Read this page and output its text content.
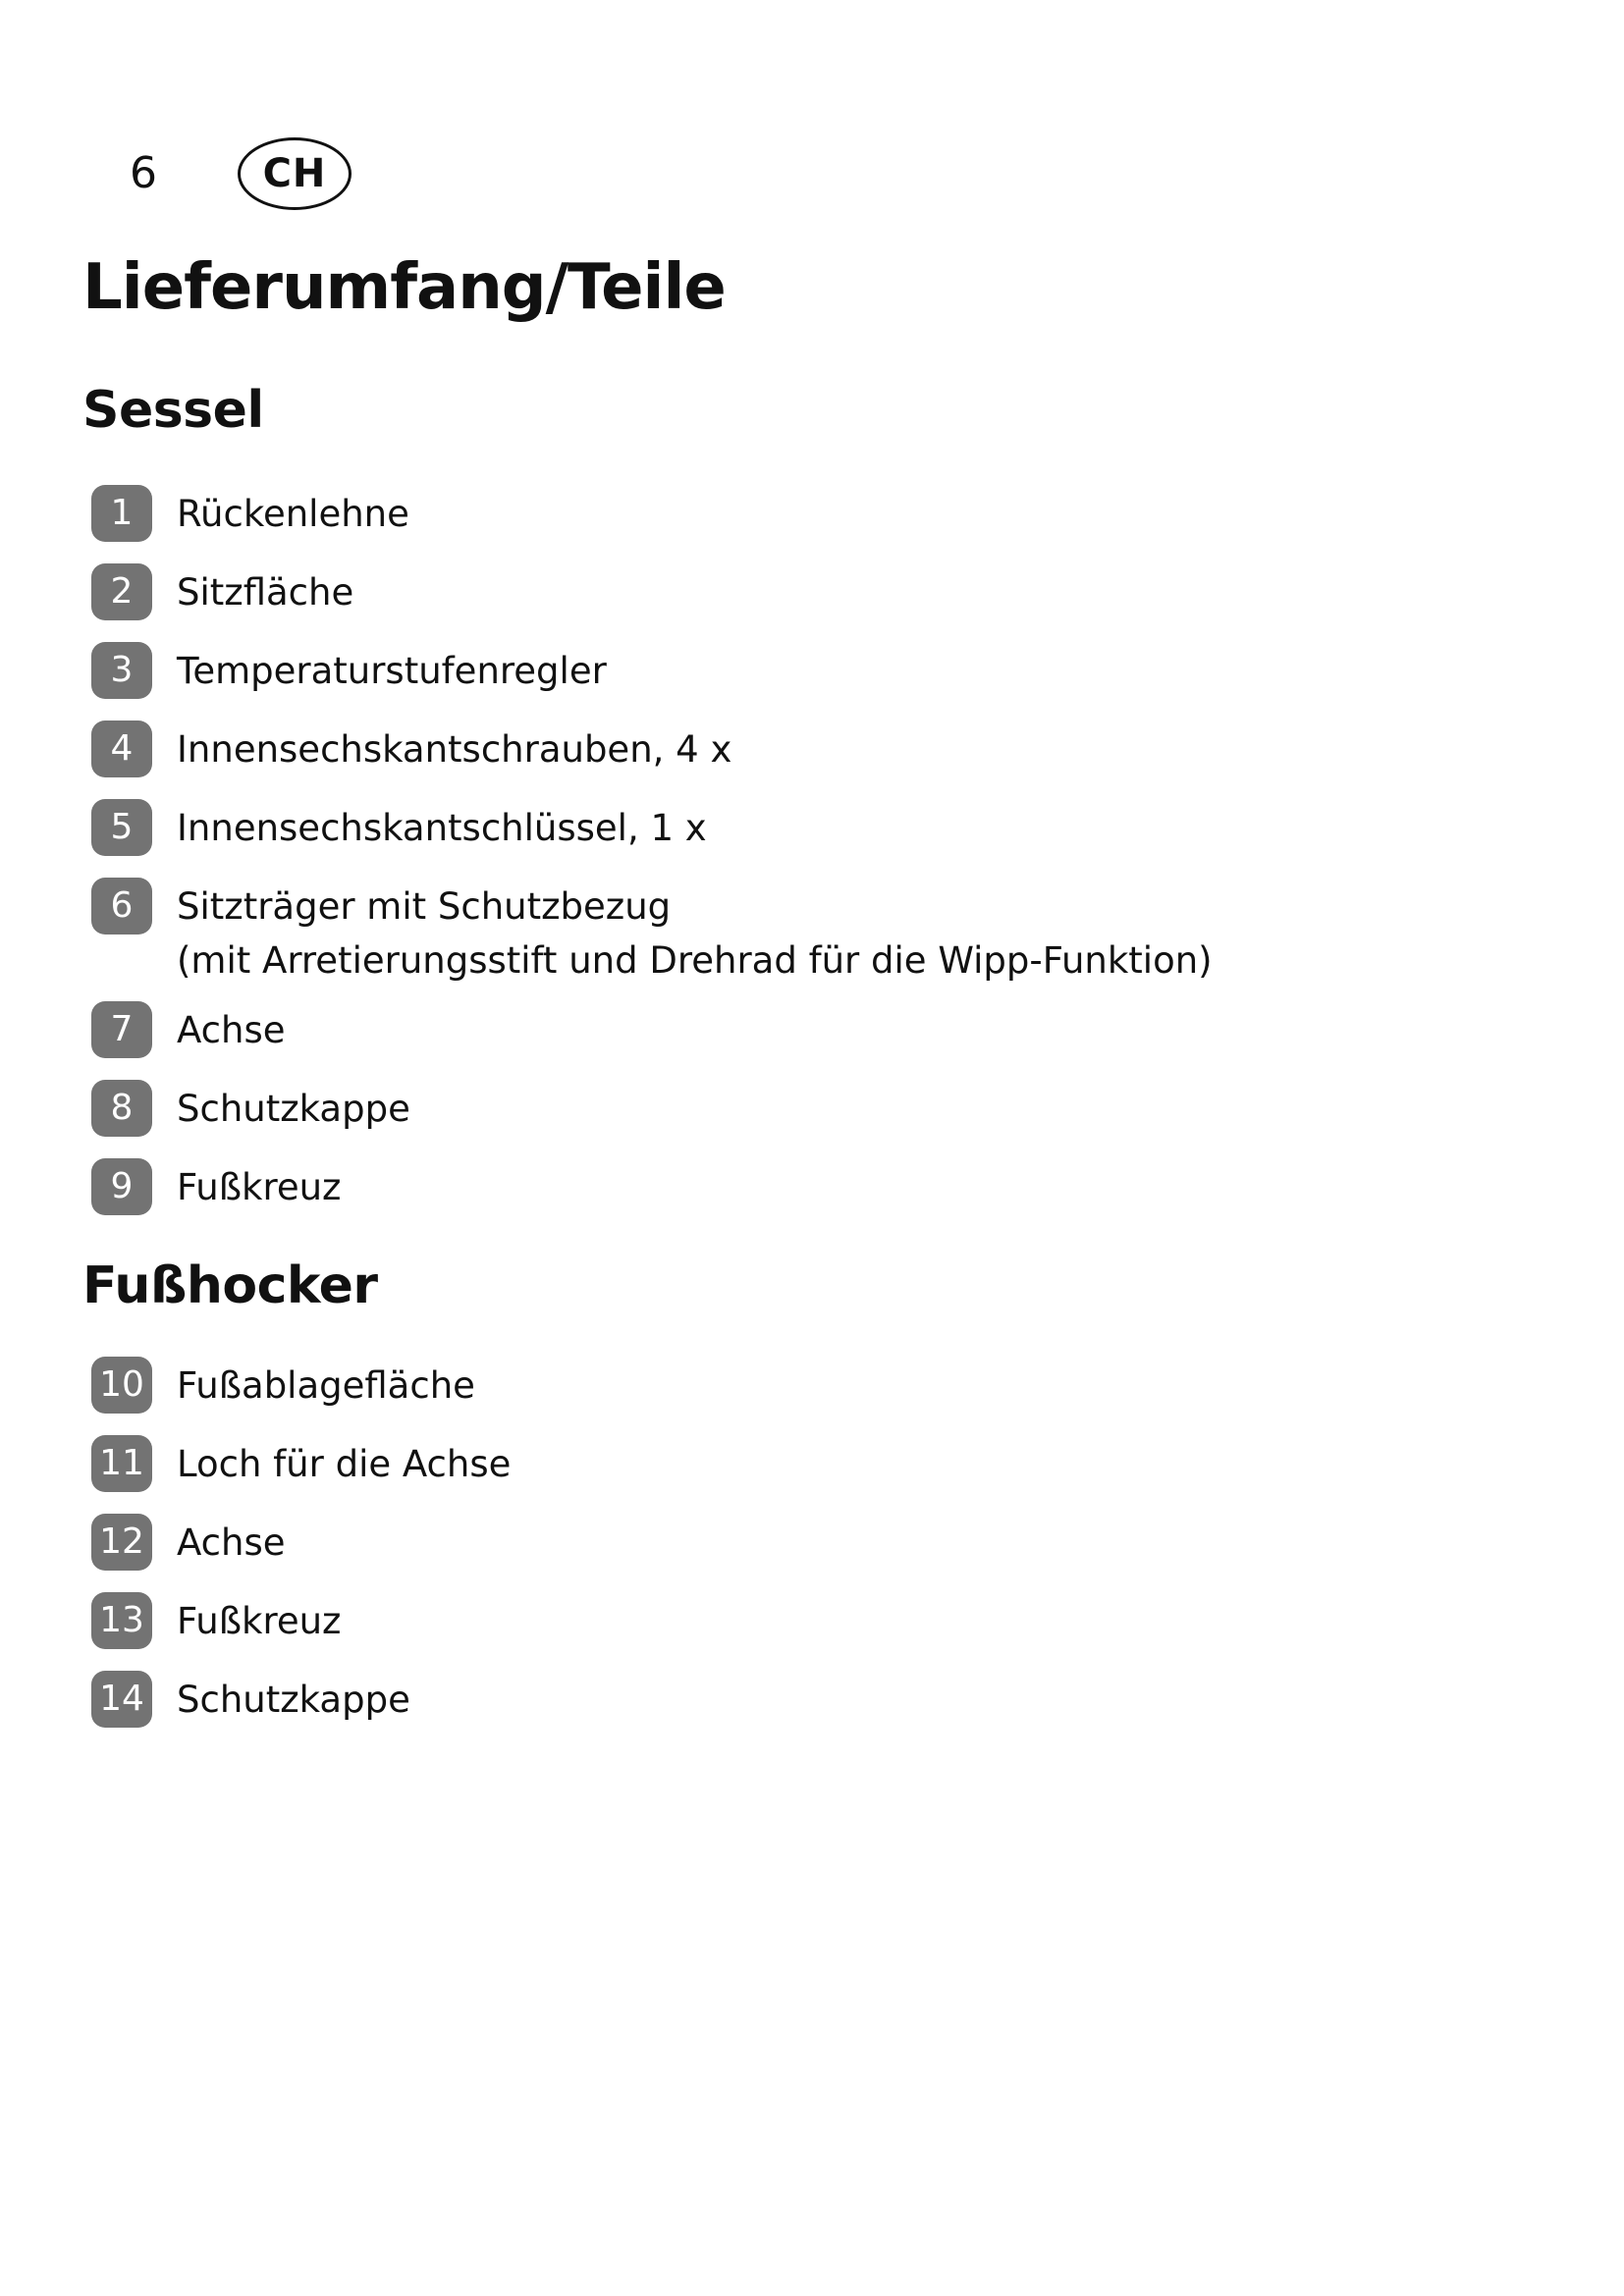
6	CH
Lieferumfang/Teile
Sessel
1	Rückenlehne
2	Sitzfläche
3	Temperaturstufenregler
4	Innensechskantschrauben, 4 x
5	Innensechskantschlüssel, 1 x
6	Sitzträger mit Schutzbezug
(mit Arretierungsstift und Drehrad für die Wipp-Funktion)
7	Achse
8	Schutzkappe
9	Fußkreuz
Fußhocker
10 Fußablagefläche
11 Loch für die Achse
12 Achse
13 Fußkreuz
14 Schutzkappe
